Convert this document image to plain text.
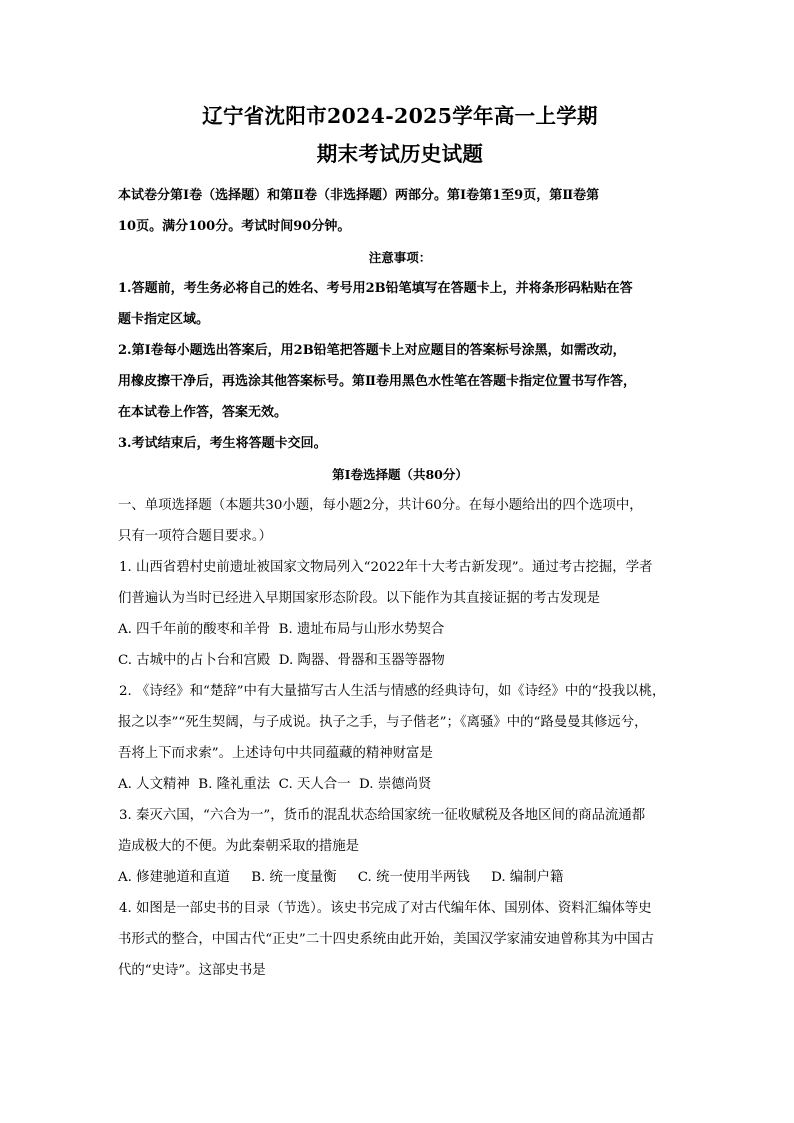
辽宁省沈阳市2024-2025学年高一上学期
期末考试历史试题

本试卷分第Ⅰ卷（选择题）和第Ⅱ卷（非选择题）两部分。第Ⅰ卷第1至9页，第Ⅱ卷第

10页。满分100分。考试时间90分钟。

注意事项：

1.答题前，考生务必将自己的姓名、考号用2B铅笔填写在答题卡上，并将条形码粘贴在答

题卡指定区域。

2.第Ⅰ卷每小题选出答案后，用2B铅笔把答题卡上对应题目的答案标号涂黑，如需改动，

用橡皮擦干净后，再选涂其他答案标号。第Ⅱ卷用黑色水性笔在答题卡指定位置书写作答，

在本试卷上作答，答案无效。

3.考试结束后，考生将答题卡交回。

第Ⅰ卷选择题（共80分）

一、单项选择题（本题共30小题，每小题2分，共计60分。在每小题给出的四个选项中，

只有一项符合题目要求。）

1. 山西省碧村史前遗址被国家文物局列入“2022年十大考古新发现”。通过考古挖掘，学者

们普遍认为当时已经进入早期国家形态阶段。以下能作为其直接证据的考古发现是

A. 四千年前的酸枣和羊骨  B. 遗址布局与山形水势契合

C. 古城中的占卜台和宫殿  D. 陶器、骨器和玉器等器物

2. 《诗经》和“楚辞”中有大量描写古人生活与情感的经典诗句，如《诗经》中的“投我以桃，

报之以李”“死生契阔，与子成说。执子之手，与子偕老”；《离骚》中的“路曼曼其修远兮，

吾将上下而求索”。上述诗句中共同蕴藏的精神财富是

A. 人文精神  B. 隆礼重法  C. 天人合一  D. 崇德尚贤

3. 秦灭六国，“六合为一”，货币的混乱状态给国家统一征收赋税及各地区间的商品流通都

造成极大的不便。为此秦朝采取的措施是

A. 修建驰道和直道     B. 统一度量衡     C. 统一使用半两钱     D. 编制户籍

4. 如图是一部史书的目录（节选）。该史书完成了对古代编年体、国别体、资料汇编体等史

书形式的整合，中国古代“正史”二十四史系统由此开始，美国汉学家浦安迪曾称其为中国古

代的“史诗”。这部史书是
